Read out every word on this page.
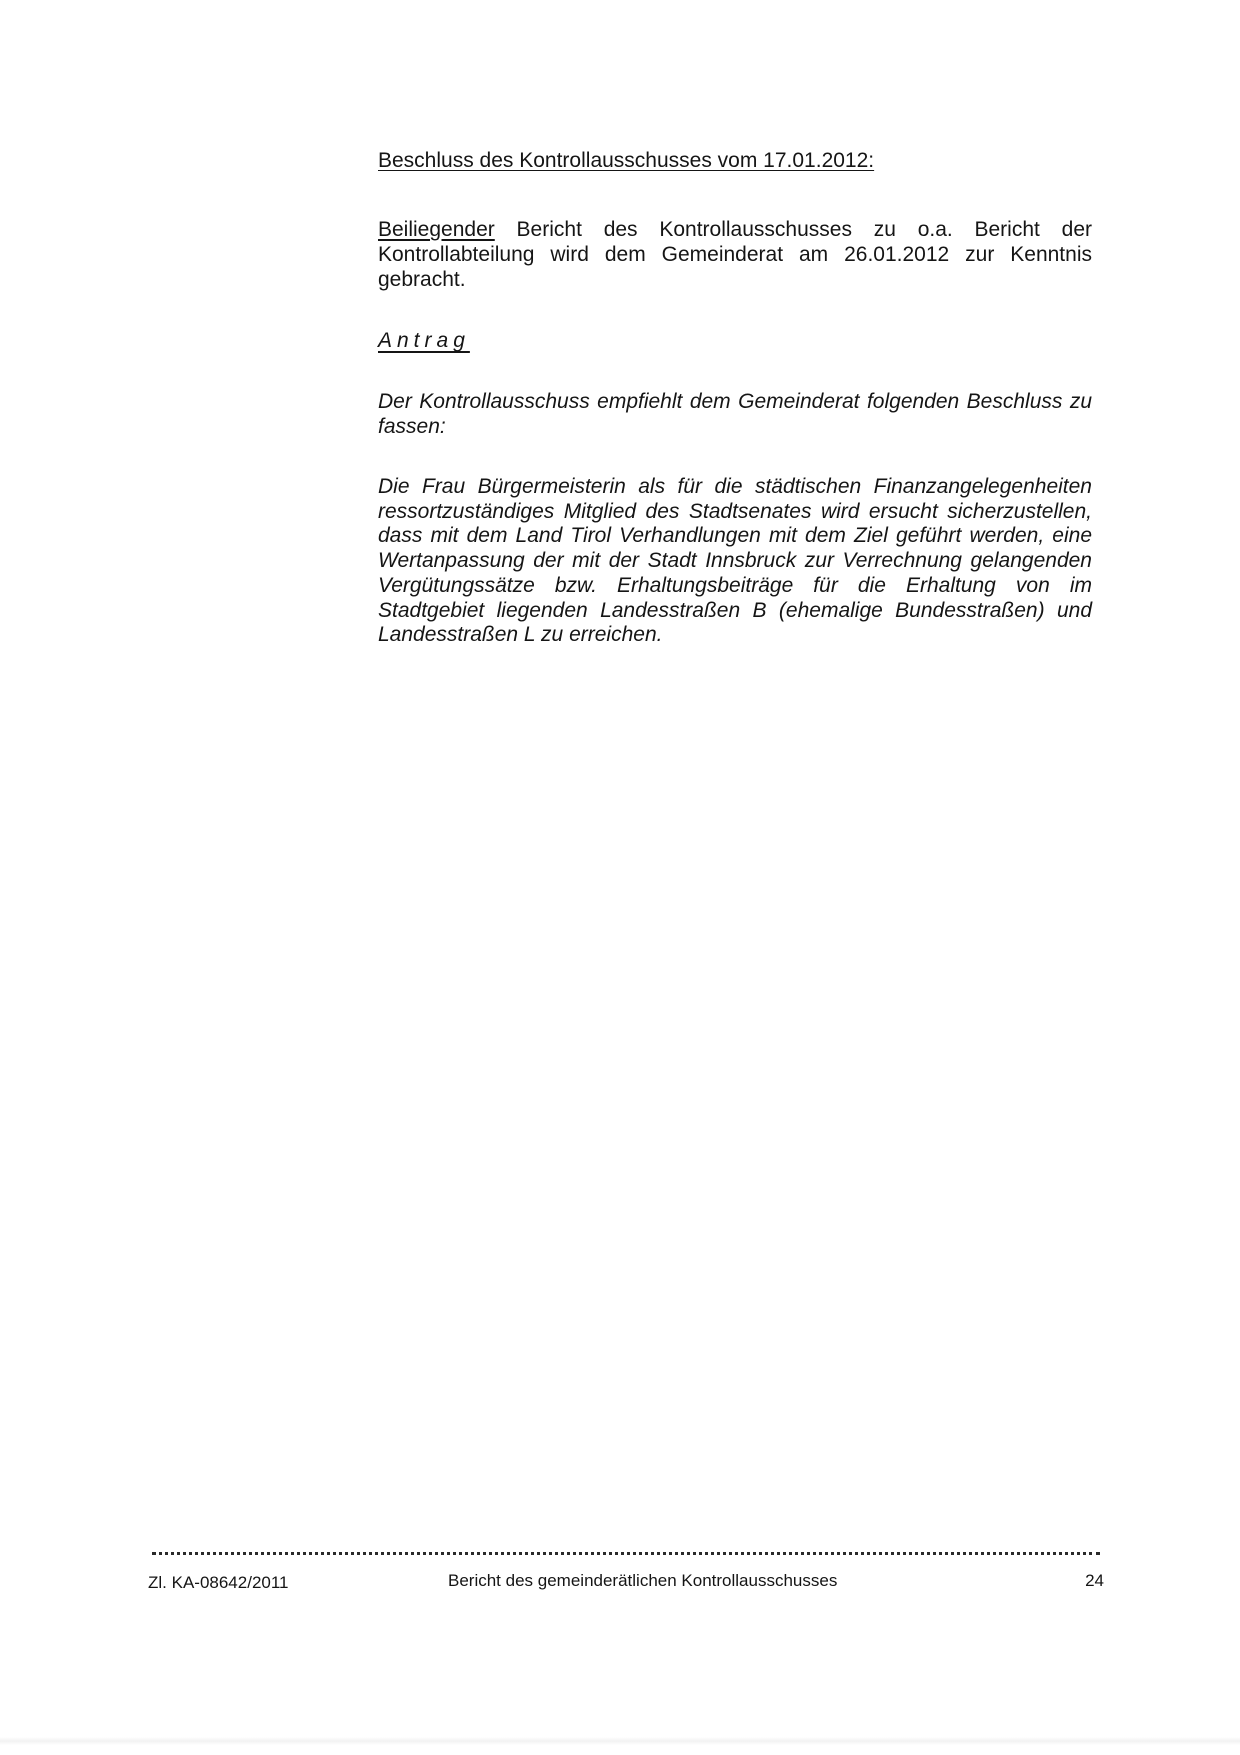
Beschluss des Kontrollausschusses vom 17.01.2012:

Beiliegender Bericht des Kontrollausschusses zu o.a. Bericht der Kontrollabteilung wird dem Gemeinderat am 26.01.2012 zur Kenntnis gebracht.

Antrag

Der Kontrollausschuss empfiehlt dem Gemeinderat folgenden Beschluss zu fassen:

Die Frau Bürgermeisterin als für die städtischen Finanzangelegenheiten ressortzuständiges Mitglied des Stadtsenates wird ersucht sicherzustellen, dass mit dem Land Tirol Verhandlungen mit dem Ziel geführt werden, eine Wertanpassung der mit der Stadt Innsbruck zur Verrechnung gelangenden Vergütungssätze bzw. Erhaltungsbeiträge für die Erhaltung von im Stadtgebiet liegenden Landesstraßen B (ehemalige Bundesstraßen) und Landesstraßen L zu erreichen.

Zl. KA-08642/2011	Bericht des gemeinderätlichen Kontrollausschusses	24
